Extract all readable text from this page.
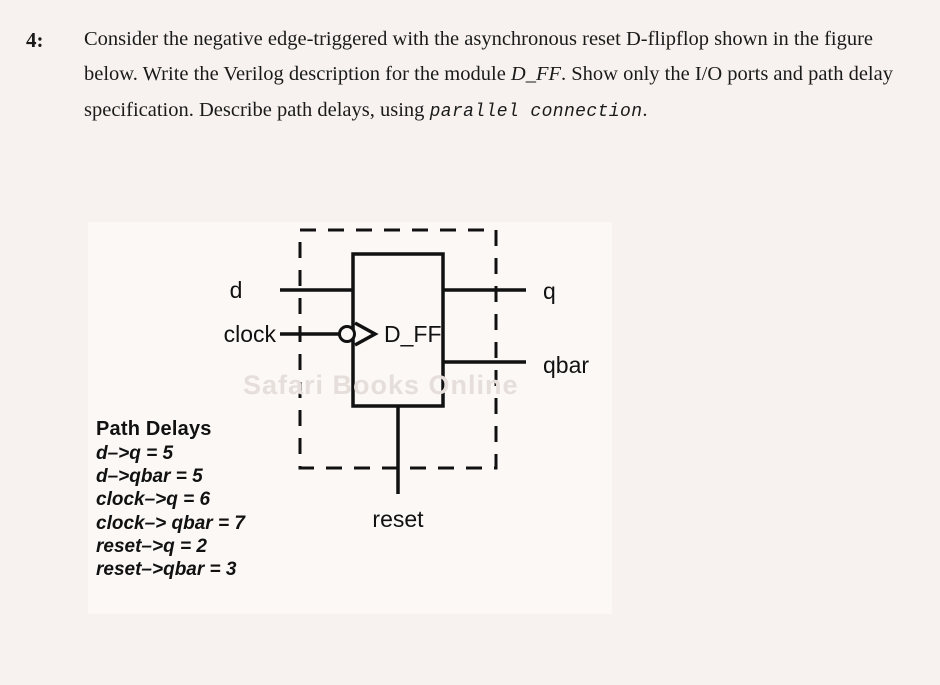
4:	Consider the negative edge-triggered with the asynchronous reset D-flipflop shown in the figure below. Write the Verilog description for the module D_FF. Show only the I/O ports and path delay specification. Describe path delays, using parallel connection.
Safari Books Online
d
clock
q
qbar
reset
D_FF
Path Delays
d–>q = 5
d–>qbar = 5
clock–>q = 6
clock–> qbar = 7
reset–>q = 2
reset–>qbar = 3
